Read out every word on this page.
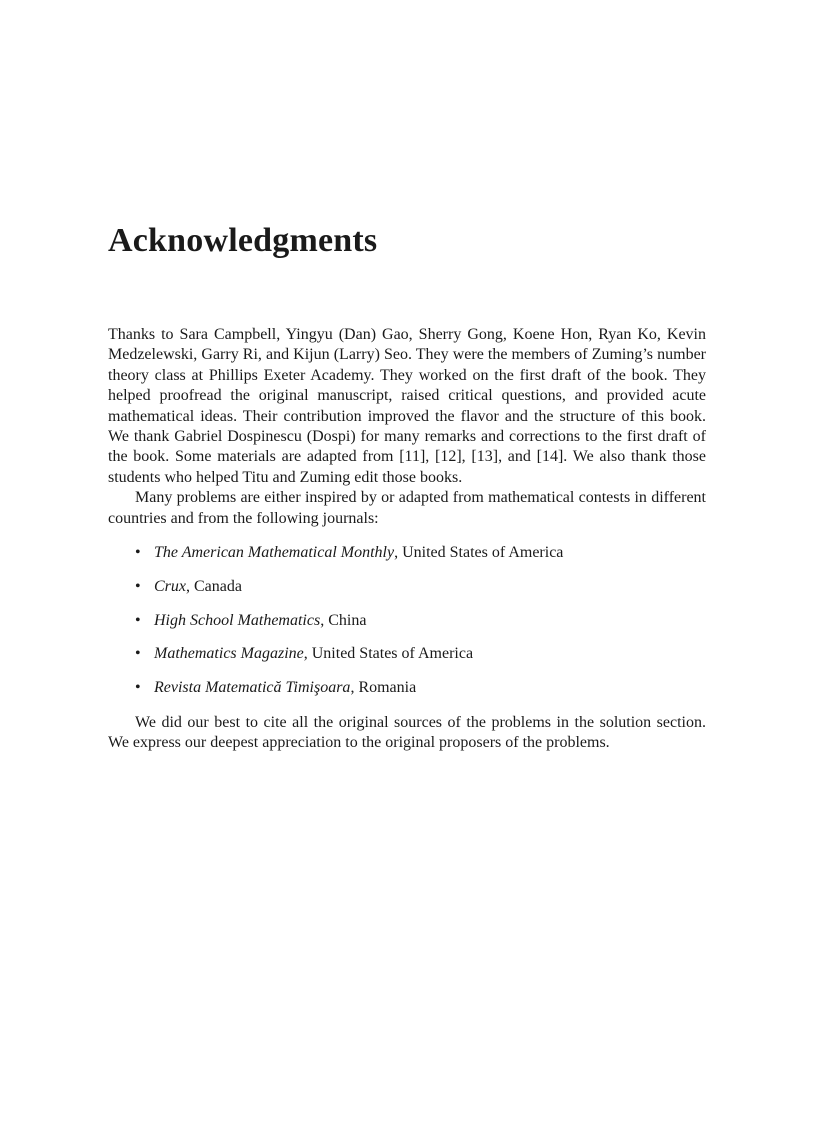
Acknowledgments

Thanks to Sara Campbell, Yingyu (Dan) Gao, Sherry Gong, Koene Hon, Ryan Ko, Kevin Medzelewski, Garry Ri, and Kijun (Larry) Seo. They were the members of Zuming’s number theory class at Phillips Exeter Academy. They worked on the first draft of the book. They helped proofread the original manuscript, raised critical questions, and provided acute mathematical ideas. Their contribution improved the flavor and the structure of this book. We thank Gabriel Dospinescu (Dospi) for many remarks and corrections to the first draft of the book. Some materials are adapted from [11], [12], [13], and [14]. We also thank those students who helped Titu and Zuming edit those books.

Many problems are either inspired by or adapted from mathematical contests in different countries and from the following journals:

• The American Mathematical Monthly, United States of America
• Crux, Canada
• High School Mathematics, China
• Mathematics Magazine, United States of America
• Revista Matematică Timişoara, Romania

We did our best to cite all the original sources of the problems in the solution section. We express our deepest appreciation to the original proposers of the problems.
